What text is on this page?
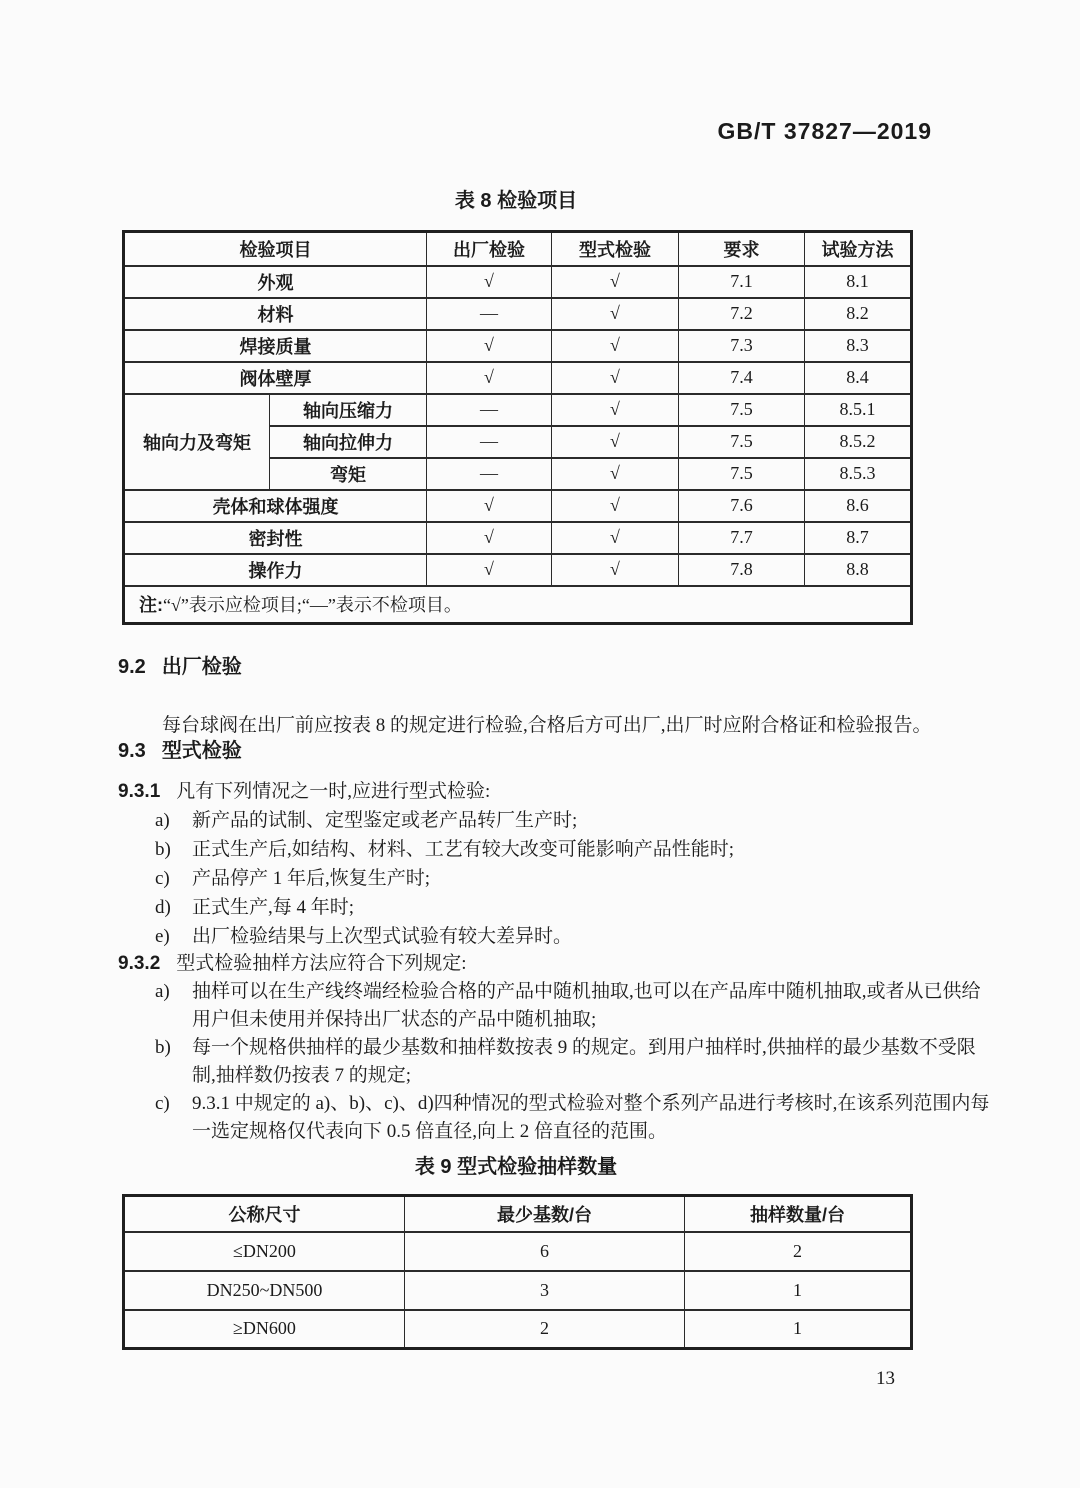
GB/T 37827—2019
表 8 检验项目
检验项目		出厂检验	型式检验	要求	试验方法
外观		√	√	7.1	8.1
材料		—	√	7.2	8.2
焊接质量		√	√	7.3	8.3
阀体壁厚		√	√	7.4	8.4
轴向力及弯矩	轴向压缩力	—	√	7.5	8.5.1
	轴向拉伸力	—	√	7.5	8.5.2
	弯矩	—	√	7.5	8.5.3
壳体和球体强度		√	√	7.6	8.6
密封性		√	√	7.7	8.7
操作力		√	√	7.8	8.8
注:“√”表示应检项目;“—”表示不检项目。					
9.2 出厂检验

每台球阀在出厂前应按表 8 的规定进行检验,合格后方可出厂,出厂时应附合格证和检验报告。

9.3 型式检验
9.3.1 凡有下列情况之一时,应进行型式检验:
a)	新产品的试制、定型鉴定或老产品转厂生产时;
b)	正式生产后,如结构、材料、工艺有较大改变可能影响产品性能时;
c)	产品停产 1 年后,恢复生产时;
d)	正式生产,每 4 年时;
e)	出厂检验结果与上次型式试验有较大差异时。
9.3.2 型式检验抽样方法应符合下列规定:
a)	抽样可以在生产线终端经检验合格的产品中随机抽取,也可以在产品库中随机抽取,或者从已供给用户但未使用并保持出厂状态的产品中随机抽取;
b)	每一个规格供抽样的最少基数和抽样数按表 9 的规定。到用户抽样时,供抽样的最少基数不受限制,抽样数仍按表 7 的规定;
c)	9.3.1 中规定的 a)、b)、c)、d)四种情况的型式检验对整个系列产品进行考核时,在该系列范围内每一选定规格仅代表向下 0.5 倍直径,向上 2 倍直径的范围。
表 9 型式检验抽样数量
公称尺寸	最少基数/台	抽样数量/台
≤DN200	6	2
DN250~DN500	3	1
≥DN600	2	1
13
